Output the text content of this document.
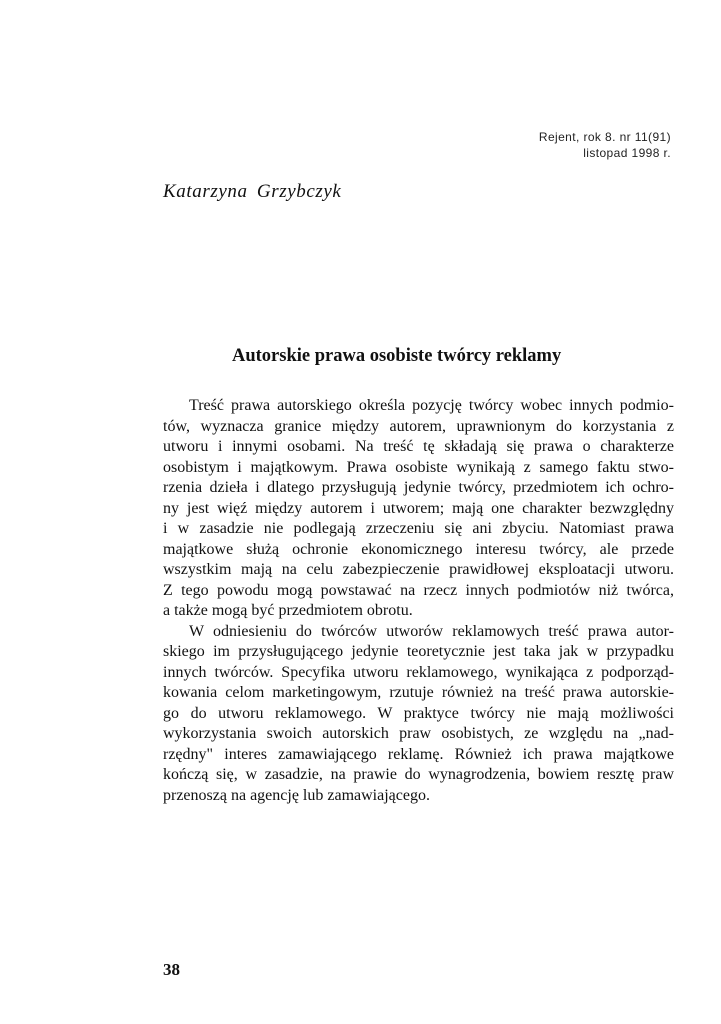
Rejent, rok 8. nr 11(91)
listopad 1998 r.
Katarzyna Grzybczyk
Autorskie prawa osobiste twórcy reklamy
Treść prawa autorskiego określa pozycję twórcy wobec innych podmio-
tów, wyznacza granice między autorem, uprawnionym do korzystania z
utworu i innymi osobami. Na treść tę składają się prawa o charakterze
osobistym i majątkowym. Prawa osobiste wynikają z samego faktu stwo-
rzenia dzieła i dlatego przysługują jedynie twórcy, przedmiotem ich ochro-
ny jest więź między autorem i utworem; mają one charakter bezwzględny
i w zasadzie nie podlegają zrzeczeniu się ani zbyciu. Natomiast prawa
majątkowe służą ochronie ekonomicznego interesu twórcy, ale przede
wszystkim mają na celu zabezpieczenie prawidłowej eksploatacji utworu.
Z tego powodu mogą powstawać na rzecz innych podmiotów niż twórca,
a także mogą być przedmiotem obrotu.
W odniesieniu do twórców utworów reklamowych treść prawa autor-
skiego im przysługującego jedynie teoretycznie jest taka jak w przypadku
innych twórców. Specyfika utworu reklamowego, wynikająca z podporząd-
kowania celom marketingowym, rzutuje również na treść prawa autorskie-
go do utworu reklamowego. W praktyce twórcy nie mają możliwości
wykorzystania swoich autorskich praw osobistych, ze względu na „nad-
rzędny" interes zamawiającego reklamę. Również ich prawa majątkowe
kończą się, w zasadzie, na prawie do wynagrodzenia, bowiem resztę praw
przenoszą na agencję lub zamawiającego.
38
